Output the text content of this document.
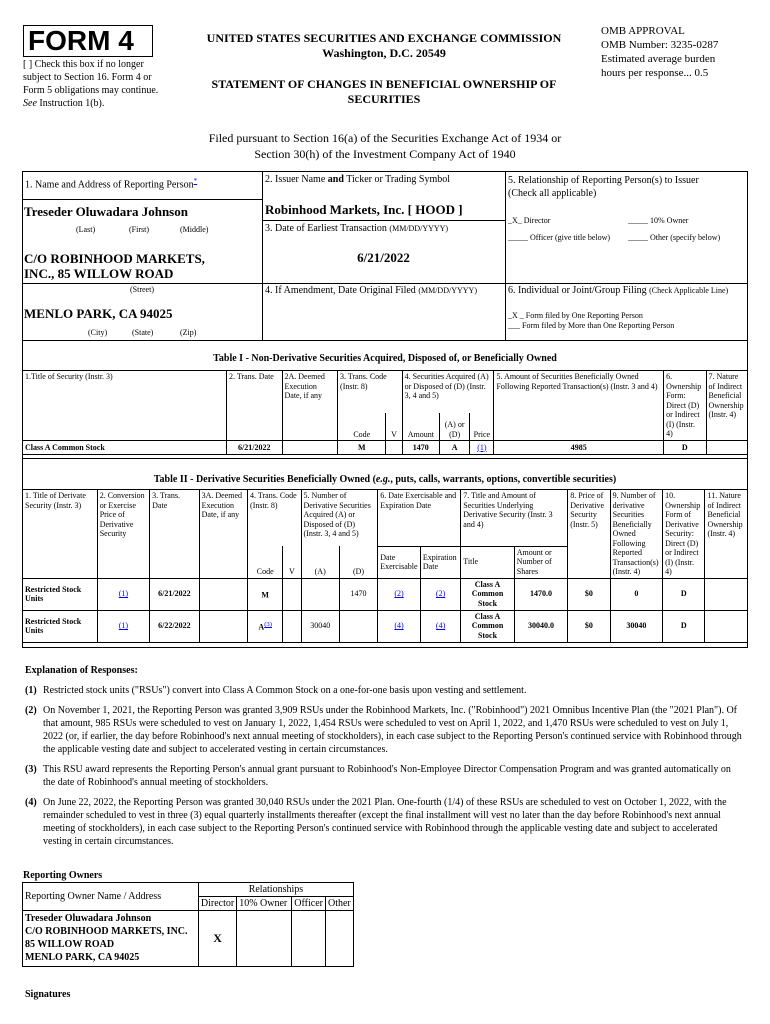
FORM 4
[ ] Check this box if no longer subject to Section 16. Form 4 or Form 5 obligations may continue. See Instruction 1(b).
UNITED STATES SECURITIES AND EXCHANGE COMMISSION
Washington, D.C. 20549
STATEMENT OF CHANGES IN BENEFICIAL OWNERSHIP OF
SECURITIES
OMB APPROVAL
OMB Number: 3235-0287
Estimated average burden
hours per response... 0.5
Filed pursuant to Section 16(a) of the Securities Exchange Act of 1934 or
Section 30(h) of the Investment Company Act of 1940
1. Name and Address of Reporting Person*
Treseder Oluwadara Johnson
(Last)	(First)	(Middle)
C/O ROBINHOOD MARKETS,
INC., 85 WILLOW ROAD
(Street)
MENLO PARK, CA 94025
(City)	(State)	(Zip)
2. Issuer Name and Ticker or Trading Symbol
Robinhood Markets, Inc. [ HOOD ]
3. Date of Earliest Transaction (MM/DD/YYYY)
6/21/2022
4. If Amendment, Date Original Filed (MM/DD/YYYY)
5. Relationship of Reporting Person(s) to Issuer
(Check all applicable)
_X_ Director	_____ 10% Owner
_____ Officer (give title below) _____ Other (specify below)
6. Individual or Joint/Group Filing (Check Applicable Line)
_X _ Form filed by One Reporting Person
___ Form filed by More than One Reporting Person
Table I - Non-Derivative Securities Acquired, Disposed of, or Beneficially Owned
1.Title of Security (Instr. 3)	2. Trans. Date	2A. Deemed Execution Date, if any	3. Trans. Code (Instr. 8)		4. Securities Acquired (A) or Disposed of (D) (Instr. 3, 4 and 5)			5. Amount of Securities Beneficially Owned Following Reported Transaction(s) (Instr. 3 and 4)	6. Ownership Form: Direct (D) or Indirect (I) (Instr. 4)	7. Nature of Indirect Beneficial Ownership (Instr. 4)
			Code	V	Amount	(A) or (D)	Price			
Class A Common Stock	6/21/2022		M		1470	A	(1)	4985	D	
Table II - Derivative Securities Beneficially Owned (e.g., puts, calls, warrants, options, convertible securities)
1. Title of Derivate Security (Instr. 3)	2. Conversion or Exercise Price of Derivative Security	3. Trans. Date	3A. Deemed Execution Date, if any	4. Trans. Code (Instr. 8)		5. Number of Derivative Securities Acquired (A) or Disposed of (D) (Instr. 3, 4 and 5)		6. Date Exercisable and Expiration Date		7. Title and Amount of Securities Underlying Derivative Security (Instr. 3 and 4)		8. Price of Derivative Security (Instr. 5)	9. Number of derivative Securities Beneficially Owned Following Reported Transaction(s) (Instr. 4)	10. Ownership Form of Derivative Security: Direct (D) or Indirect (I) (Instr. 4)	11. Nature of Indirect Beneficial Ownership (Instr. 4)
				Code	V	(A)	(D)	Date Exercisable	Expiration Date	Title	Amount or Number of Shares				
Restricted Stock Units	(1)	6/21/2022		M			1470	(2)	(2)	Class A Common Stock	1470.0	$0	0	D	
Restricted Stock Units	(1)	6/22/2022		$A^{(3)}$		30040		(4)	(4)	Class A Common Stock	30040.0	$0	30040	D	
Explanation of Responses:
(1) Restricted stock units ("RSUs") convert into Class A Common Stock on a one-for-one basis upon vesting and settlement.
(2) On November 1, 2021, the Reporting Person was granted 3,909 RSUs under the Robinhood Markets, Inc. ("Robinhood") 2021 Omnibus Incentive Plan (the "2021 Plan"). Of that amount, 985 RSUs were scheduled to vest on January 1, 2022, 1,454 RSUs were scheduled to vest on April 1, 2022, and 1,470 RSUs were scheduled to vest on July 1, 2022 (or, if earlier, the day before Robinhood's next annual meeting of stockholders), in each case subject to the Reporting Person's continued service with Robinhood through the applicable vesting date and subject to accelerated vesting in certain circumstances.
(3) This RSU award represents the Reporting Person's annual grant pursuant to Robinhood's Non-Employee Director Compensation Program and was granted automatically on the date of Robinhood's annual meeting of stockholders.
(4) On June 22, 2022, the Reporting Person was granted 30,040 RSUs under the 2021 Plan. One-fourth (1/4) of these RSUs are scheduled to vest on October 1, 2022, with the remainder scheduled to vest in three (3) equal quarterly installments thereafter (except the final installment will vest no later than the day before Robinhood's next annual meeting of stockholders), in each case subject to the Reporting Person's continued service with Robinhood through the applicable vesting date and subject to accelerated vesting in certain circumstances.
Reporting Owners
Reporting Owner Name / Address	Relationships			
	Director	10% Owner	Officer	Other

Treseder Oluwadara Johnson
C/O ROBINHOOD MARKETS, INC.
85 WILLOW ROAD
MENLO PARK, CA 94025	X			
Signatures
